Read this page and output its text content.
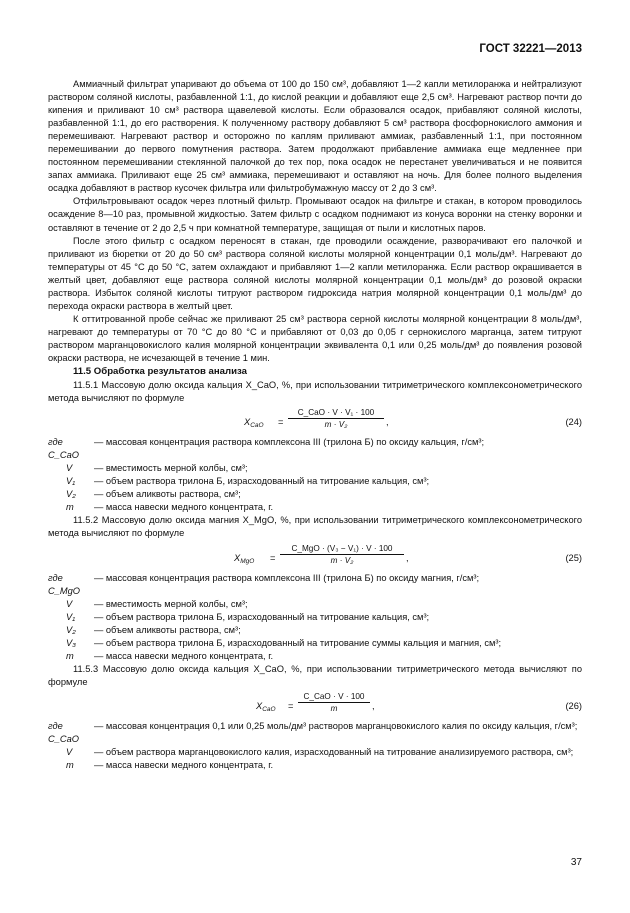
ГОСТ 32221—2013

Аммиачный фильтрат упаривают до объема от 100 до 150 см³, добавляют 1—2 капли метилоранжа и нейтрализуют раствором соляной кислоты, разбавленной 1:1, до кислой реакции и добавляют еще 2,5 см³. Нагревают раствор почти до кипения и приливают 10 см³ раствора щавелевой кислоты. Если образовался осадок, прибавляют соляной кислоты, разбавленной 1:1, до его растворения. К полученному раствору добавляют 5 см³ раствора фосфорнокислого аммония и перемешивают. Нагревают раствор и осторожно по каплям приливают аммиак, разбавленный 1:1, при постоянном перемешивании до первого помутнения раствора. Затем продолжают прибавление аммиака еще медленнее при постоянном перемешивании стеклянной палочкой до тех пор, пока осадок не перестанет увеличиваться и не появится запах аммиака. Приливают еще 25 см³ аммиака, перемешивают и оставляют на ночь. Для более полного выделения осадка добавляют в раствор кусочек фильтра или фильтробумажную массу от 2 до 3 см³.

Отфильтровывают осадок через плотный фильтр. Промывают осадок на фильтре и стакан, в котором проводилось осаждение 8—10 раз, промывной жидкостью. Затем фильтр с осадком поднимают из конуса воронки на стенку воронки и оставляют в течение от 2 до 2,5 ч при комнатной температуре, защищая от пыли и кислотных паров.

После этого фильтр с осадком переносят в стакан, где проводили осаждение, разворачивают его палочкой и приливают из бюретки от 20 до 50 см³ раствора соляной кислоты молярной концентрации 0,1 моль/дм³. Нагревают до температуры от 45 °С до 50 °С, затем охлаждают и прибавляют 1—2 капли метилоранжа. Если раствор окрашивается в желтый цвет, добавляют еще раствора соляной кислоты молярной концентрации 0,1 моль/дм³ до розовой окраски раствора. Избыток соляной кислоты титруют раствором гидроксида натрия молярной концентрации 0,1 моль/дм³ до перехода окраски раствора в желтый цвет.

К оттитрованной пробе сейчас же приливают 25 см³ раствора серной кислоты молярной концентрации 8 моль/дм³, нагревают до температуры от 70 °С до 80 °С и прибавляют от 0,03 до 0,05 г сернокислого марганца, затем титруют раствором марганцовокислого калия молярной концентрации эквивалента 0,1 или 0,25 моль/дм³ до появления розовой окраски раствора, не исчезающей в течение 1 мин.

11.5 Обработка результатов анализа

11.5.1 Массовую долю оксида кальция X_CaO, %, при использовании титриметрического комплексонометрического метода вычисляют по формуле

$X_{CaO}$ =
C_CaO · V · V₁ · 100
m · V₂	,	(24)
где C_CaO
— массовая концентрация раствора комплексона III (трилона Б) по оксиду кальция, г/см³;
V	— вместимость мерной колбы, см³;
V₁	— объем раствора трилона Б, израсходованный на титрование кальция, см³;
V₂	— объем аликвоты раствора, см³;
m	— масса навески медного концентрата, г.

11.5.2 Массовую долю оксида магния X_MgO, %, при использовании титриметрического комплексонометрического метода вычисляют по формуле

$X_{MgO}$ =
C_MgO · (V₃ − V₁) · V · 100
m · V₂	,	(25)
где C_MgO
— массовая концентрация раствора комплексона III (трилона Б) по оксиду магния, г/см³;
V	— вместимость мерной колбы, см³;
V₁	— объем раствора трилона Б, израсходованный на титрование кальция, см³;
V₂	— объем аликвоты раствора, см³;
V₃	— объем раствора трилона Б, израсходованный на титрование суммы кальция и магния, см³;
m	— масса навески медного концентрата, г.

11.5.3 Массовую долю оксида кальция X_CaO, %, при использовании титриметрического метода вычисляют по формуле

$X_{CaO}$ =
C_CaO · V · 100
m	,	(26)
где C_CaO
— массовая концентрация 0,1 или 0,25 моль/дм³ растворов марганцовокислого калия по оксиду кальция, г/см³;
V	— объем раствора марганцовокислого калия, израсходованный на титрование анализируемого раствора, см³;
m	— масса навески медного концентрата, г.
37
